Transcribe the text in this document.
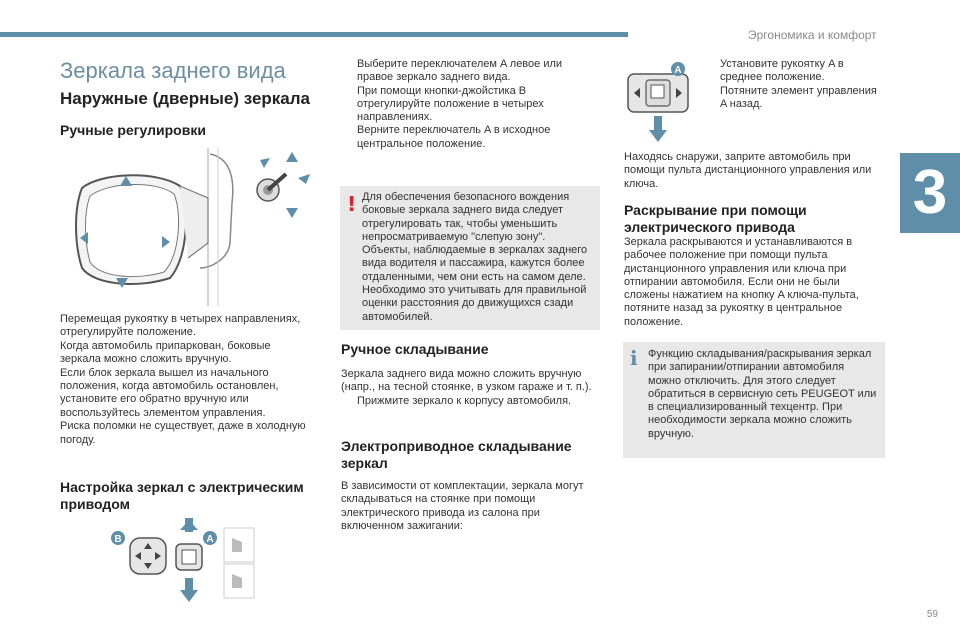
Эргономика и комфорт
3
59
Зеркала заднего вида
Наружные (дверные) зеркала
Ручные регулировки
Перемещая рукоятку в четырех направлениях,
отрегулируйте положение.
Когда автомобиль припаркован, боковые
зеркала можно сложить вручную.
Если блок зеркала вышел из начального
положения, когда автомобиль остановлен,
установите его обратно вручную или
воспользуйтесь элементом управления.
Риска поломки не существует, даже в холодную
погоду.
Настройка зеркал с электрическим приводом
B	A
Выберите переключателем A левое или правое зеркало заднего вида.
При помощи кнопки-джойстика B отрегулируйте положение в четырех направлениях.
Верните переключатель A в исходное центральное положение.
! Для обеспечения безопасного вождения боковые зеркала заднего вида следует отрегулировать так, чтобы уменьшить непросматриваемую "слепую зону". Объекты, наблюдаемые в зеркалах заднего вида водителя и пассажира, кажутся более отдаленными, чем они есть на самом деле. Необходимо это учитывать для правильной оценки расстояния до движущихся сзади автомобилей.
Ручное складывание
Зеркала заднего вида можно сложить вручную (напр., на тесной стоянке, в узком гараже и т. п.).
Прижмите зеркало к корпусу автомобиля.
Электроприводное складывание зеркал
В зависимости от комплектации, зеркала могут складываться на стоянке при помощи электрического привода из салона при включенном зажигании:
A
Установите рукоятку A в среднее положение.
Потяните элемент управления A назад.
Находясь снаружи, заприте автомобиль при помощи пульта дистанционного управления или ключа.
Раскрывание при помощи электрического привода
Зеркала раскрываются и устанавливаются в рабочее положение при помощи пульта дистанционного управления или ключа при отпирании автомобиля. Если они не были сложены нажатием на кнопку A ключа-пульта, потяните назад за рукоятку в центральное положение.
i Функцию складывания/раскрывания зеркал при запирании/отпирании автомобиля можно отключить. Для этого следует обратиться в сервисную сеть PEUGEOT или в специализированный техцентр. При необходимости зеркала можно сложить вручную.
